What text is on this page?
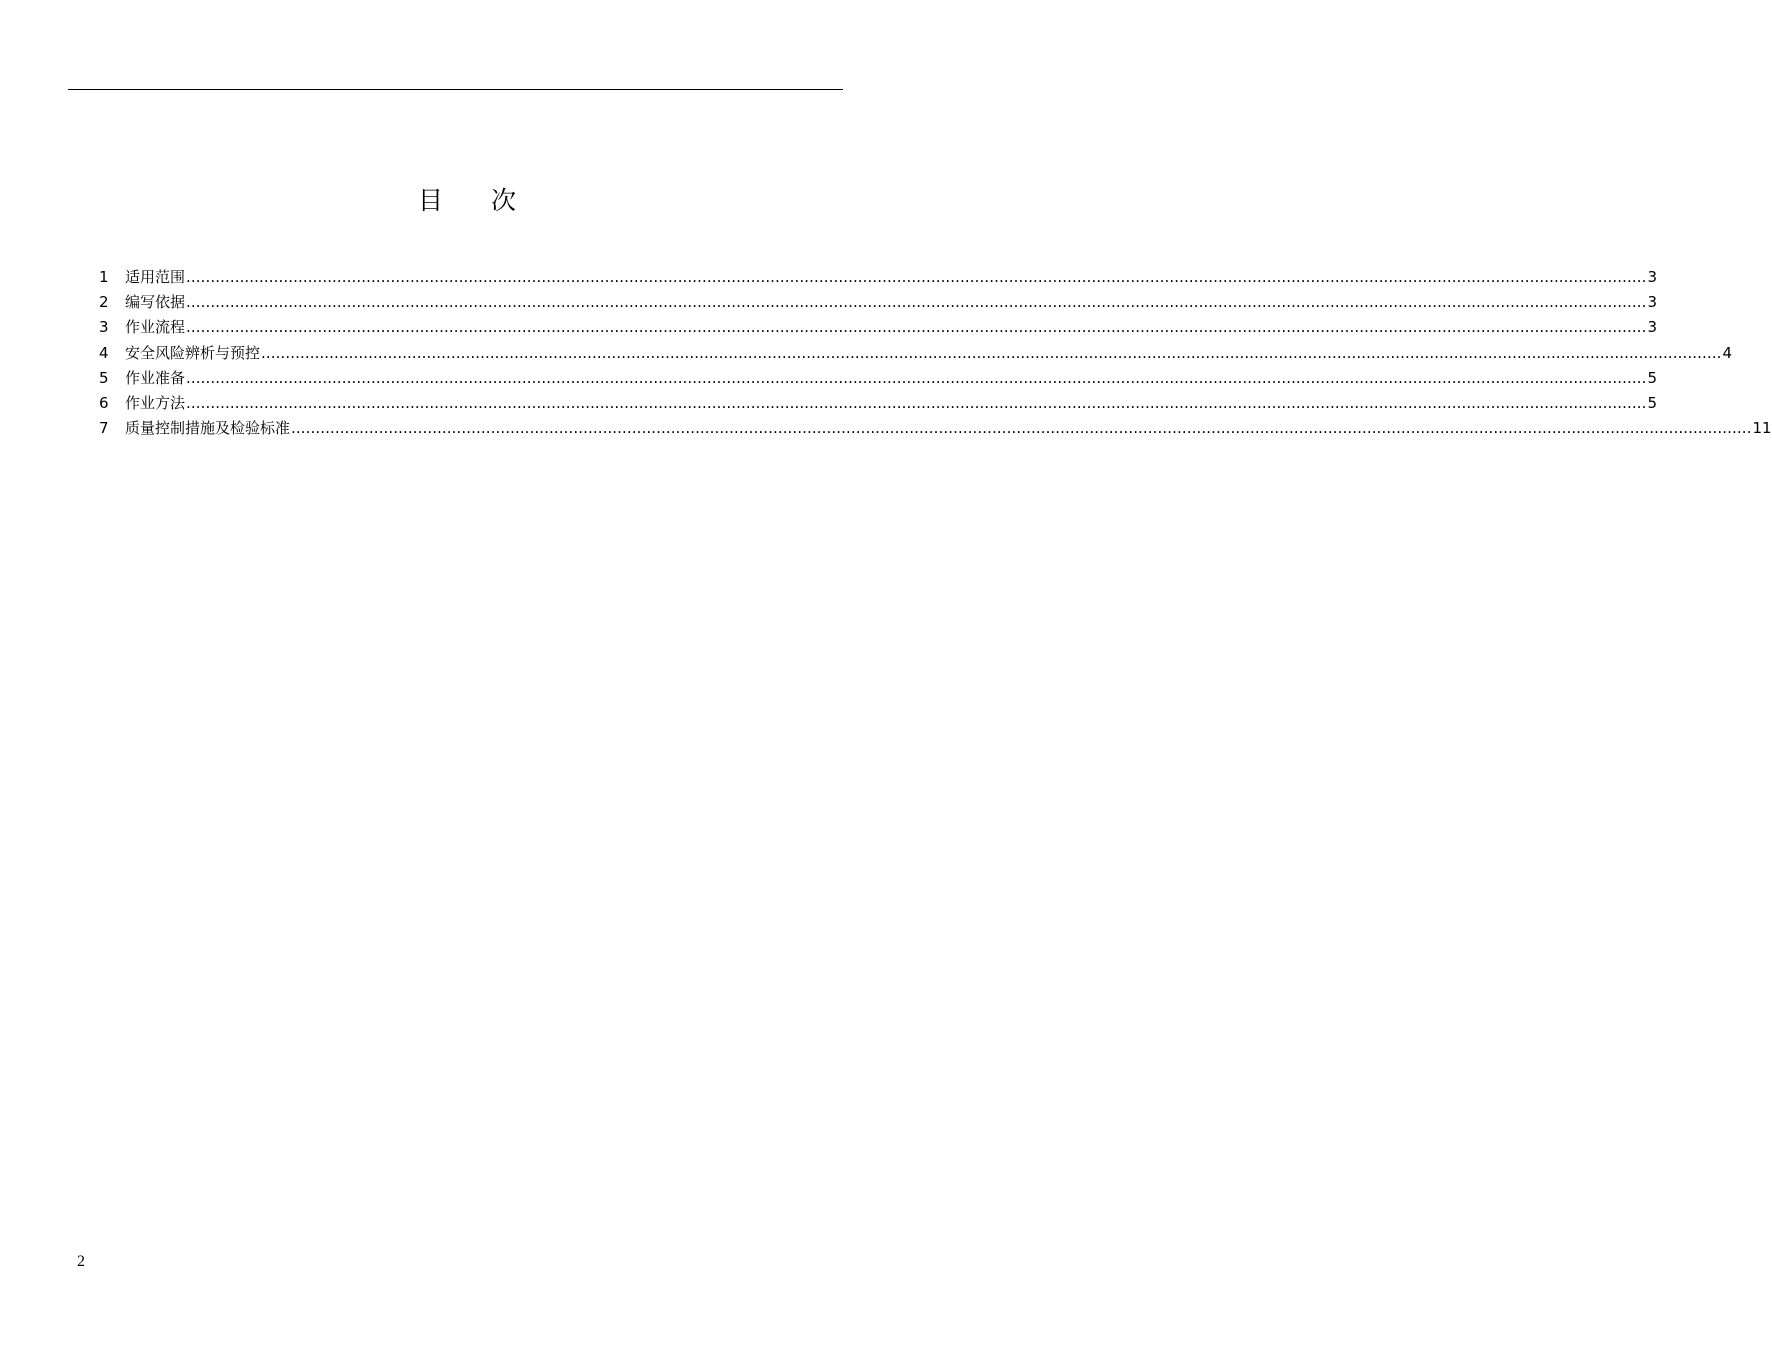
目 次
1	适用范围 ............................................................................................................................................................................................................................................................................................................ 3
2	编写依据 ............................................................................................................................................................................................................................................................................................................ 3
3	作业流程 ............................................................................................................................................................................................................................................................................................................ 3
4	安全风险辨析与预控 ............................................................................................................................................................................................................................................................................................................ 4
5	作业准备 ............................................................................................................................................................................................................................................................................................................ 5
6	作业方法 ............................................................................................................................................................................................................................................................................................................ 5
7	质量控制措施及检验标准 ............................................................................................................................................................................................................................................................................................................ 11
2
